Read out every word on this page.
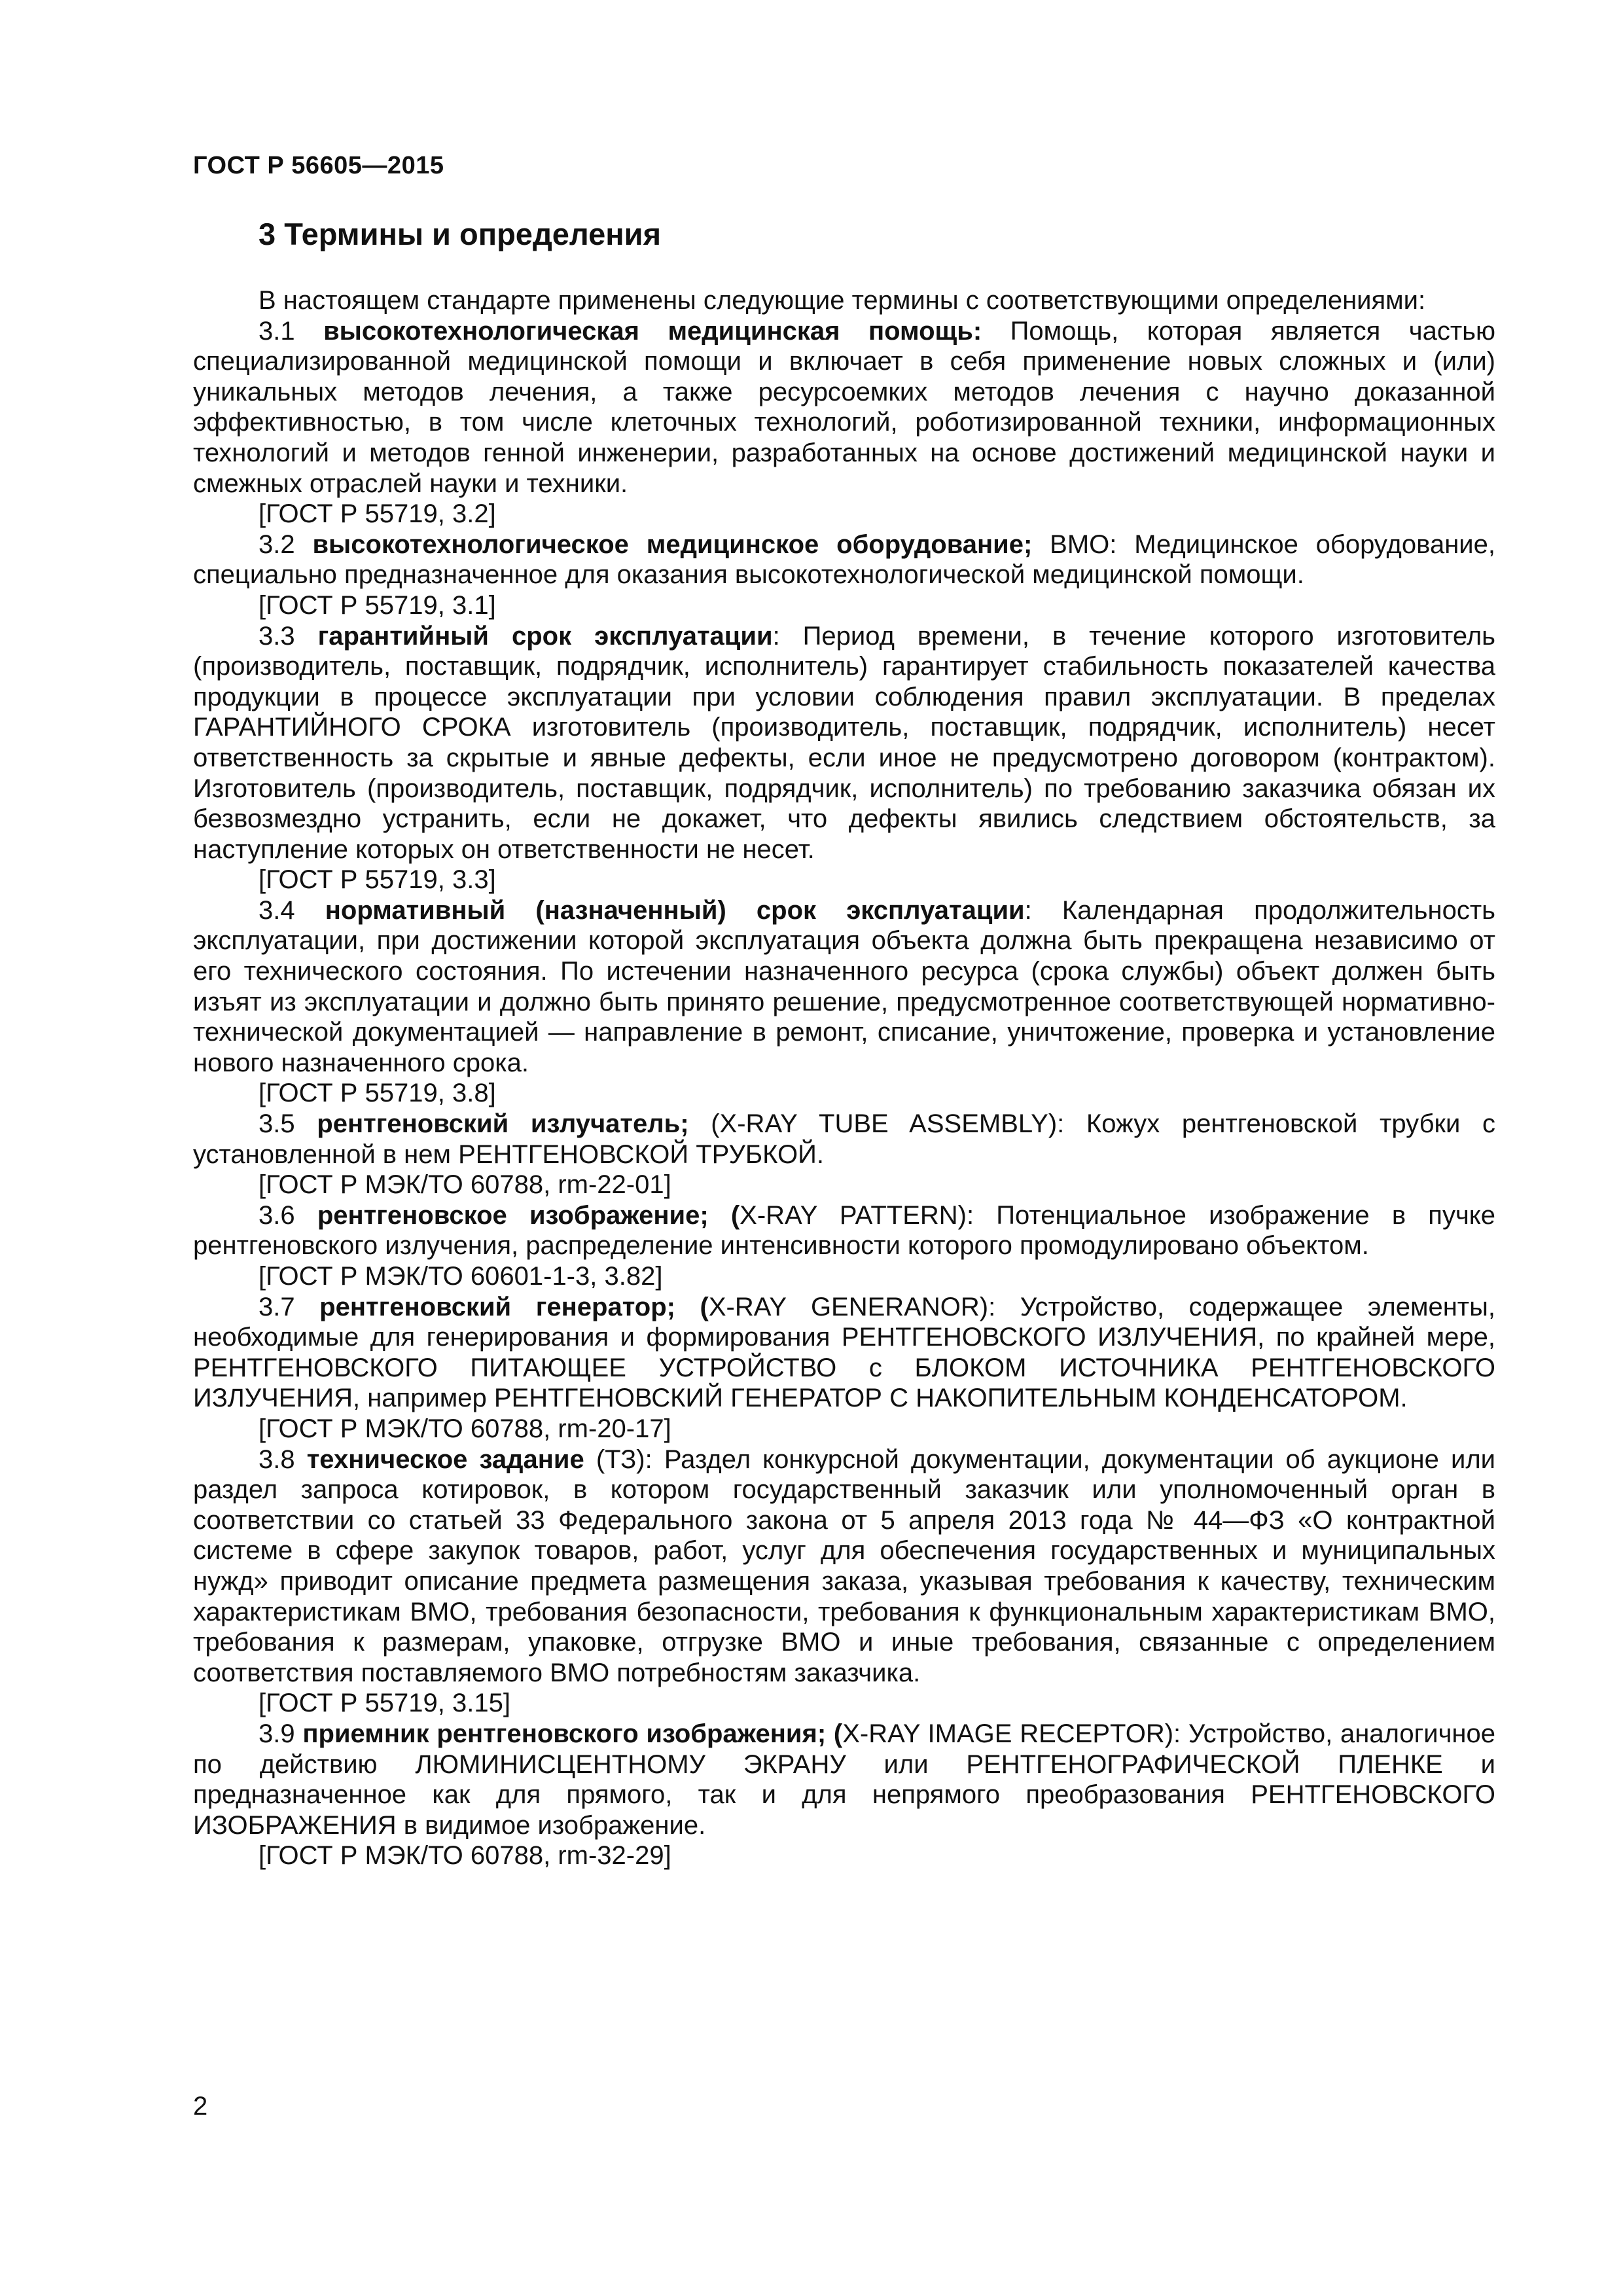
ГОСТ Р 56605—2015
3 Термины и определения

В настоящем стандарте применены следующие термины с соответствующими определениями:

3.1 высокотехнологическая медицинская помощь: Помощь, которая является частью специализированной медицинской помощи и включает в себя применение новых сложных и (или) уникальных методов лечения, а также ресурсоемких методов лечения с научно доказанной эффективностью, в том числе клеточных технологий, роботизированной техники, информационных технологий и методов генной инженерии, разработанных на основе достижений медицинской науки и смежных отраслей науки и техники.

[ГОСТ Р 55719, 3.2]

3.2 высокотехнологическое медицинское оборудование; ВМО: Медицинское оборудование, специально предназначенное для оказания высокотехнологической медицинской помощи.

[ГОСТ Р 55719, 3.1]

3.3 гарантийный срок эксплуатации: Период времени, в течение которого изготовитель (производитель, поставщик, подрядчик, исполнитель) гарантирует стабильность показателей качества продукции в процессе эксплуатации при условии соблюдения правил эксплуатации. В пределах ГАРАНТИЙНОГО СРОКА изготовитель (производитель, поставщик, подрядчик, исполнитель) несет ответственность за скрытые и явные дефекты, если иное не предусмотрено договором (контрактом). Изготовитель (производитель, поставщик, подрядчик, исполнитель) по требованию заказчика обязан их безвозмездно устранить, если не докажет, что дефекты явились следствием обстоятельств, за наступление которых он ответственности не несет.

[ГОСТ Р 55719, 3.3]

3.4 нормативный (назначенный) срок эксплуатации: Календарная продолжительность эксплуатации, при достижении которой эксплуатация объекта должна быть прекращена независимо от его технического состояния. По истечении назначенного ресурса (срока службы) объект должен быть изъят из эксплуатации и должно быть принято решение, предусмотренное соответствующей нормативно-технической документацией — направление в ремонт, списание, уничтожение, проверка и установление нового назначенного срока.

[ГОСТ Р 55719, 3.8]

3.5 рентгеновский излучатель; (X-RAY TUBE ASSEMBLY): Кожух рентгеновской трубки с установленной в нем РЕНТГЕНОВСКОЙ ТРУБКОЙ.

[ГОСТ Р МЭК/ТО 60788, rm-22-01]

3.6 рентгеновское изображение; (X-RAY PATTERN): Потенциальное изображение в пучке рентгеновского излучения, распределение интенсивности которого промодулировано объектом.

[ГОСТ Р МЭК/ТО 60601-1-3, 3.82]

3.7 рентгеновский генератор; (X-RAY GENERANOR): Устройство, содержащее элементы, необходимые для генерирования и формирования РЕНТГЕНОВСКОГО ИЗЛУЧЕНИЯ, по крайней мере, РЕНТГЕНОВСКОГО ПИТАЮЩЕЕ УСТРОЙСТВО с БЛОКОМ ИСТОЧНИКА РЕНТГЕНОВСКОГО ИЗЛУЧЕНИЯ, например РЕНТГЕНОВСКИЙ ГЕНЕРАТОР С НАКОПИТЕЛЬНЫМ КОНДЕНСАТОРОМ.

[ГОСТ Р МЭК/ТО 60788, rm-20-17]

3.8 техническое задание (ТЗ): Раздел конкурсной документации, документации об аукционе или раздел запроса котировок, в котором государственный заказчик или уполномоченный орган в соответствии со статьей 33 Федерального закона от 5 апреля 2013 года № 44—ФЗ «О контрактной системе в сфере закупок товаров, работ, услуг для обеспечения государственных и муниципальных нужд» приводит описание предмета размещения заказа, указывая требования к качеству, техническим характеристикам ВМО, требования безопасности, требования к функциональным характеристикам ВМО, требования к размерам, упаковке, отгрузке ВМО и иные требования, связанные с определением соответствия поставляемого ВМО потребностям заказчика.

[ГОСТ Р 55719, 3.15]

3.9 приемник рентгеновского изображения; (X-RAY IMAGE RECEPTOR): Устройство, аналогичное по действию ЛЮМИНИСЦЕНТНОМУ ЭКРАНУ или РЕНТГЕНОГРАФИЧЕСКОЙ ПЛЕНКЕ и предназначенное как для прямого, так и для непрямого преобразования РЕНТГЕНОВСКОГО ИЗОБРАЖЕНИЯ в видимое изображение.

[ГОСТ Р МЭК/ТО 60788, rm-32-29]

2
